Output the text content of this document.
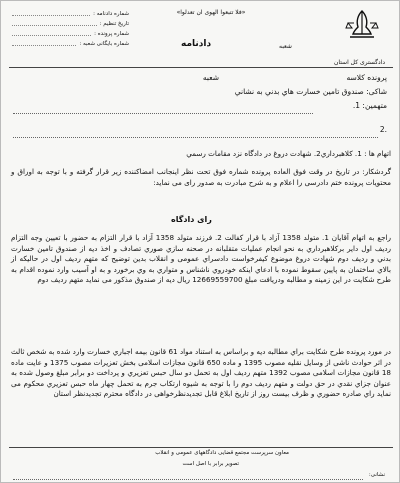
«فلا تتبعوا الهوی ان تعدلوا»
دادگستری کل استان
دادنامه	شعبه
شماره دادنامه :
تاریخ تنظیم :
شماره پرونده :
شماره بایگانی شعبه :
پرونده کلاسه
شعبه
شاکی: صندوق تامین خسارت هاي بدني به نشاني
متهمین: 1.
2.
اتهام ها : 1. کلاهبرداري2. شهادت دروغ در دادگاه نزد مقامات رسمي
گردشکار: در تاریخ در وقت فوق العاده پرونده شماره فوق تحت نظر اینجانب امضاکننده زیر قرار گرفته و با توجه به اوراق و محتویات پرونده ختم دادرسی را اعلام و به شرح مبادرت به صدور رای می نماید:
رای دادگاه
راجع به اتهام آقایان 1. متولد 1358 آزاد با قرار کفالت 2. فرزند متولد 1358 آزاد با قرار التزام به حضور با تعیین وجه التزام ردیف اول دایر برکلاهبرداري به نحو انجام عملیات متقلبانه در صحنه سازي صوري تصادف و اخذ دیه از صندوق تامین خسارت بدني و ردیف دوم شهادت دروغ موضوع کیفرخواست دادسراي عمومی و انقلاب بدین توضیح که متهم ردیف اول در حالیکه از بالاي ساختمان به پایین سقوط نموده با ادعاي اینکه خودروي ناشناس و متواري به وي برخورد و به او آسیب وارد نموده اقدام به طرح شکایت در این زمینه و مطالبه ودریافت مبلغ 12669559700 ریال دیه از صندوق مذکور می نماید متهم ردیف دوم
در مورد پرونده طرح شکایت براي مطالبه دیه و براساس به استناد مواد 61 قانون بیمه اجباري خسارت وارد شده به شخص ثالث در اثر حوادث ناشی از وسایل نقلیه مصوب 1395 و ماده 650 قانون مجازات اسلامی بخش تعزیرات مصوب 1375 و عایت ماده 18 قانون مجازات اسلامی مصوب 1392 متهم ردیف اول به تحمل دو سال حبس تعزیري و پرداخت دو برابر مبلغ وصول شده به عنوان جزاي نقدي در حق دولت و متهم ردیف دوم را با توجه به شیوه ارتکاب جرم به تحمل چهار ماه حبس تعزیري محکوم می نماید راي صادره حضوري و ظرف بیست روز از تاریخ ابلاغ قابل تجدیدنظرخواهی در دادگاه محترم تجدیدنظر استان
معاون سرپرست مجتمع قضایی دادگاههای عمومی و انقلاب
تصویر برابر با اصل است
نشانی:
